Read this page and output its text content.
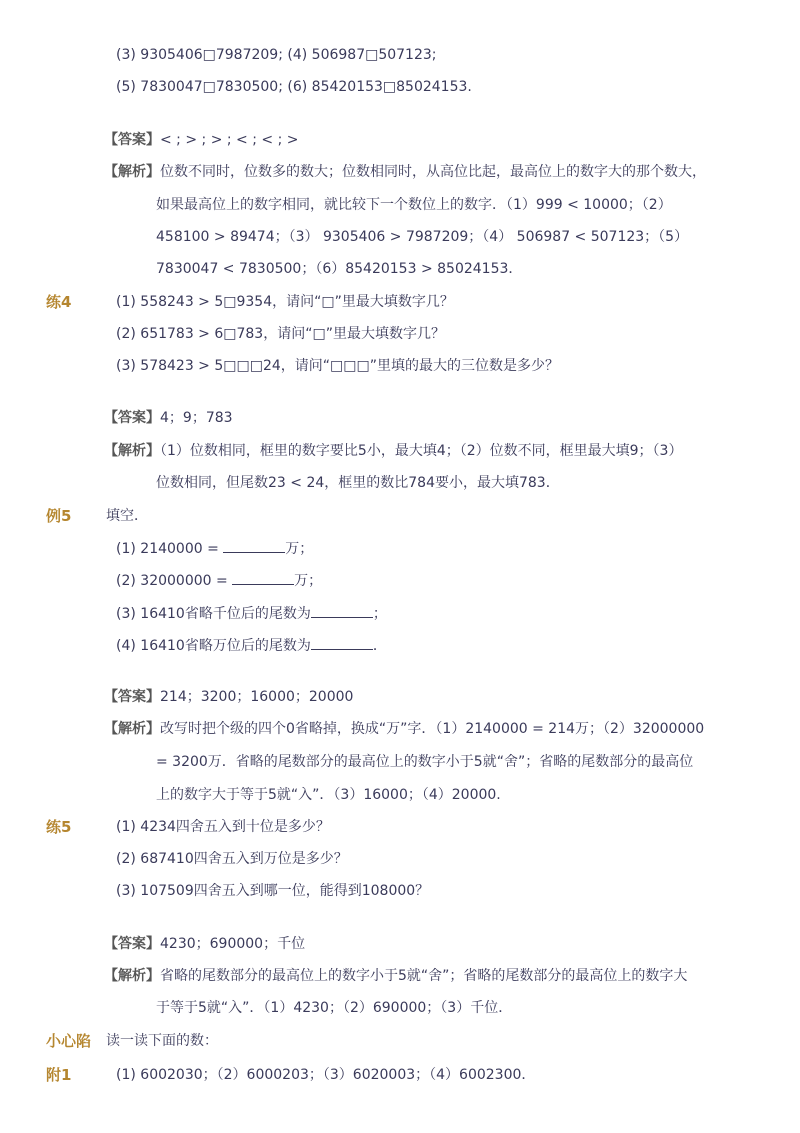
(3) 9305406□7987209; (4) 506987□507123;
(5) 7830047□7830500; (6) 85420153□85024153.
【答案】< ; > ; > ; < ; < ; >
【解析】位数不同时，位数多的数大；位数相同时，从高位比起，最高位上的数字大的那个数大，
如果最高位上的数字相同，就比较下一个数位上的数字．（1）999 < 10000；（2）
458100 > 89474；（3） 9305406 > 7987209；（4） 506987 < 507123；（5）
7830047 < 7830500；（6）85420153 > 85024153．
练4	(1) 558243 > 5□9354，请问“□”里最大填数字几？
(2) 651783 > 6□783，请问“□”里最大填数字几？
(3) 578423 > 5□□□24，请问“□□□”里填的最大的三位数是多少？
【答案】4；9；783
【解析】（1）位数相同，框里的数字要比5小，最大填4；（2）位数不同，框里最大填9；（3）
位数相同，但尾数23 < 24，框里的数比784要小，最大填783．
例5 填空．
(1) 2140000 =	万；
(2) 32000000 =	万；
(3) 16410省略千位后的尾数为	；
(4) 16410省略万位后的尾数为	．
【答案】214；3200；16000；20000
【解析】改写时把个级的四个0省略掉，换成“万”字．（1）2140000 = 214万；（2）32000000
= 3200万．省略的尾数部分的最高位上的数字小于5就“舍”；省略的尾数部分的最高位
上的数字大于等于5就“入”．（3）16000；（4）20000.
练5	(1) 4234四舍五入到十位是多少？
(2) 687410四舍五入到万位是多少？
(3) 107509四舍五入到哪一位，能得到108000？
【答案】4230；690000；千位
【解析】省略的尾数部分的最高位上的数字小于5就“舍”；省略的尾数部分的最高位上的数字大
于等于5就“入”．（1）4230；（2）690000；（3）千位．
小心陷 读一读下面的数：
附1	(1) 6002030；（2）6000203；（3）6020003；（4）6002300．
